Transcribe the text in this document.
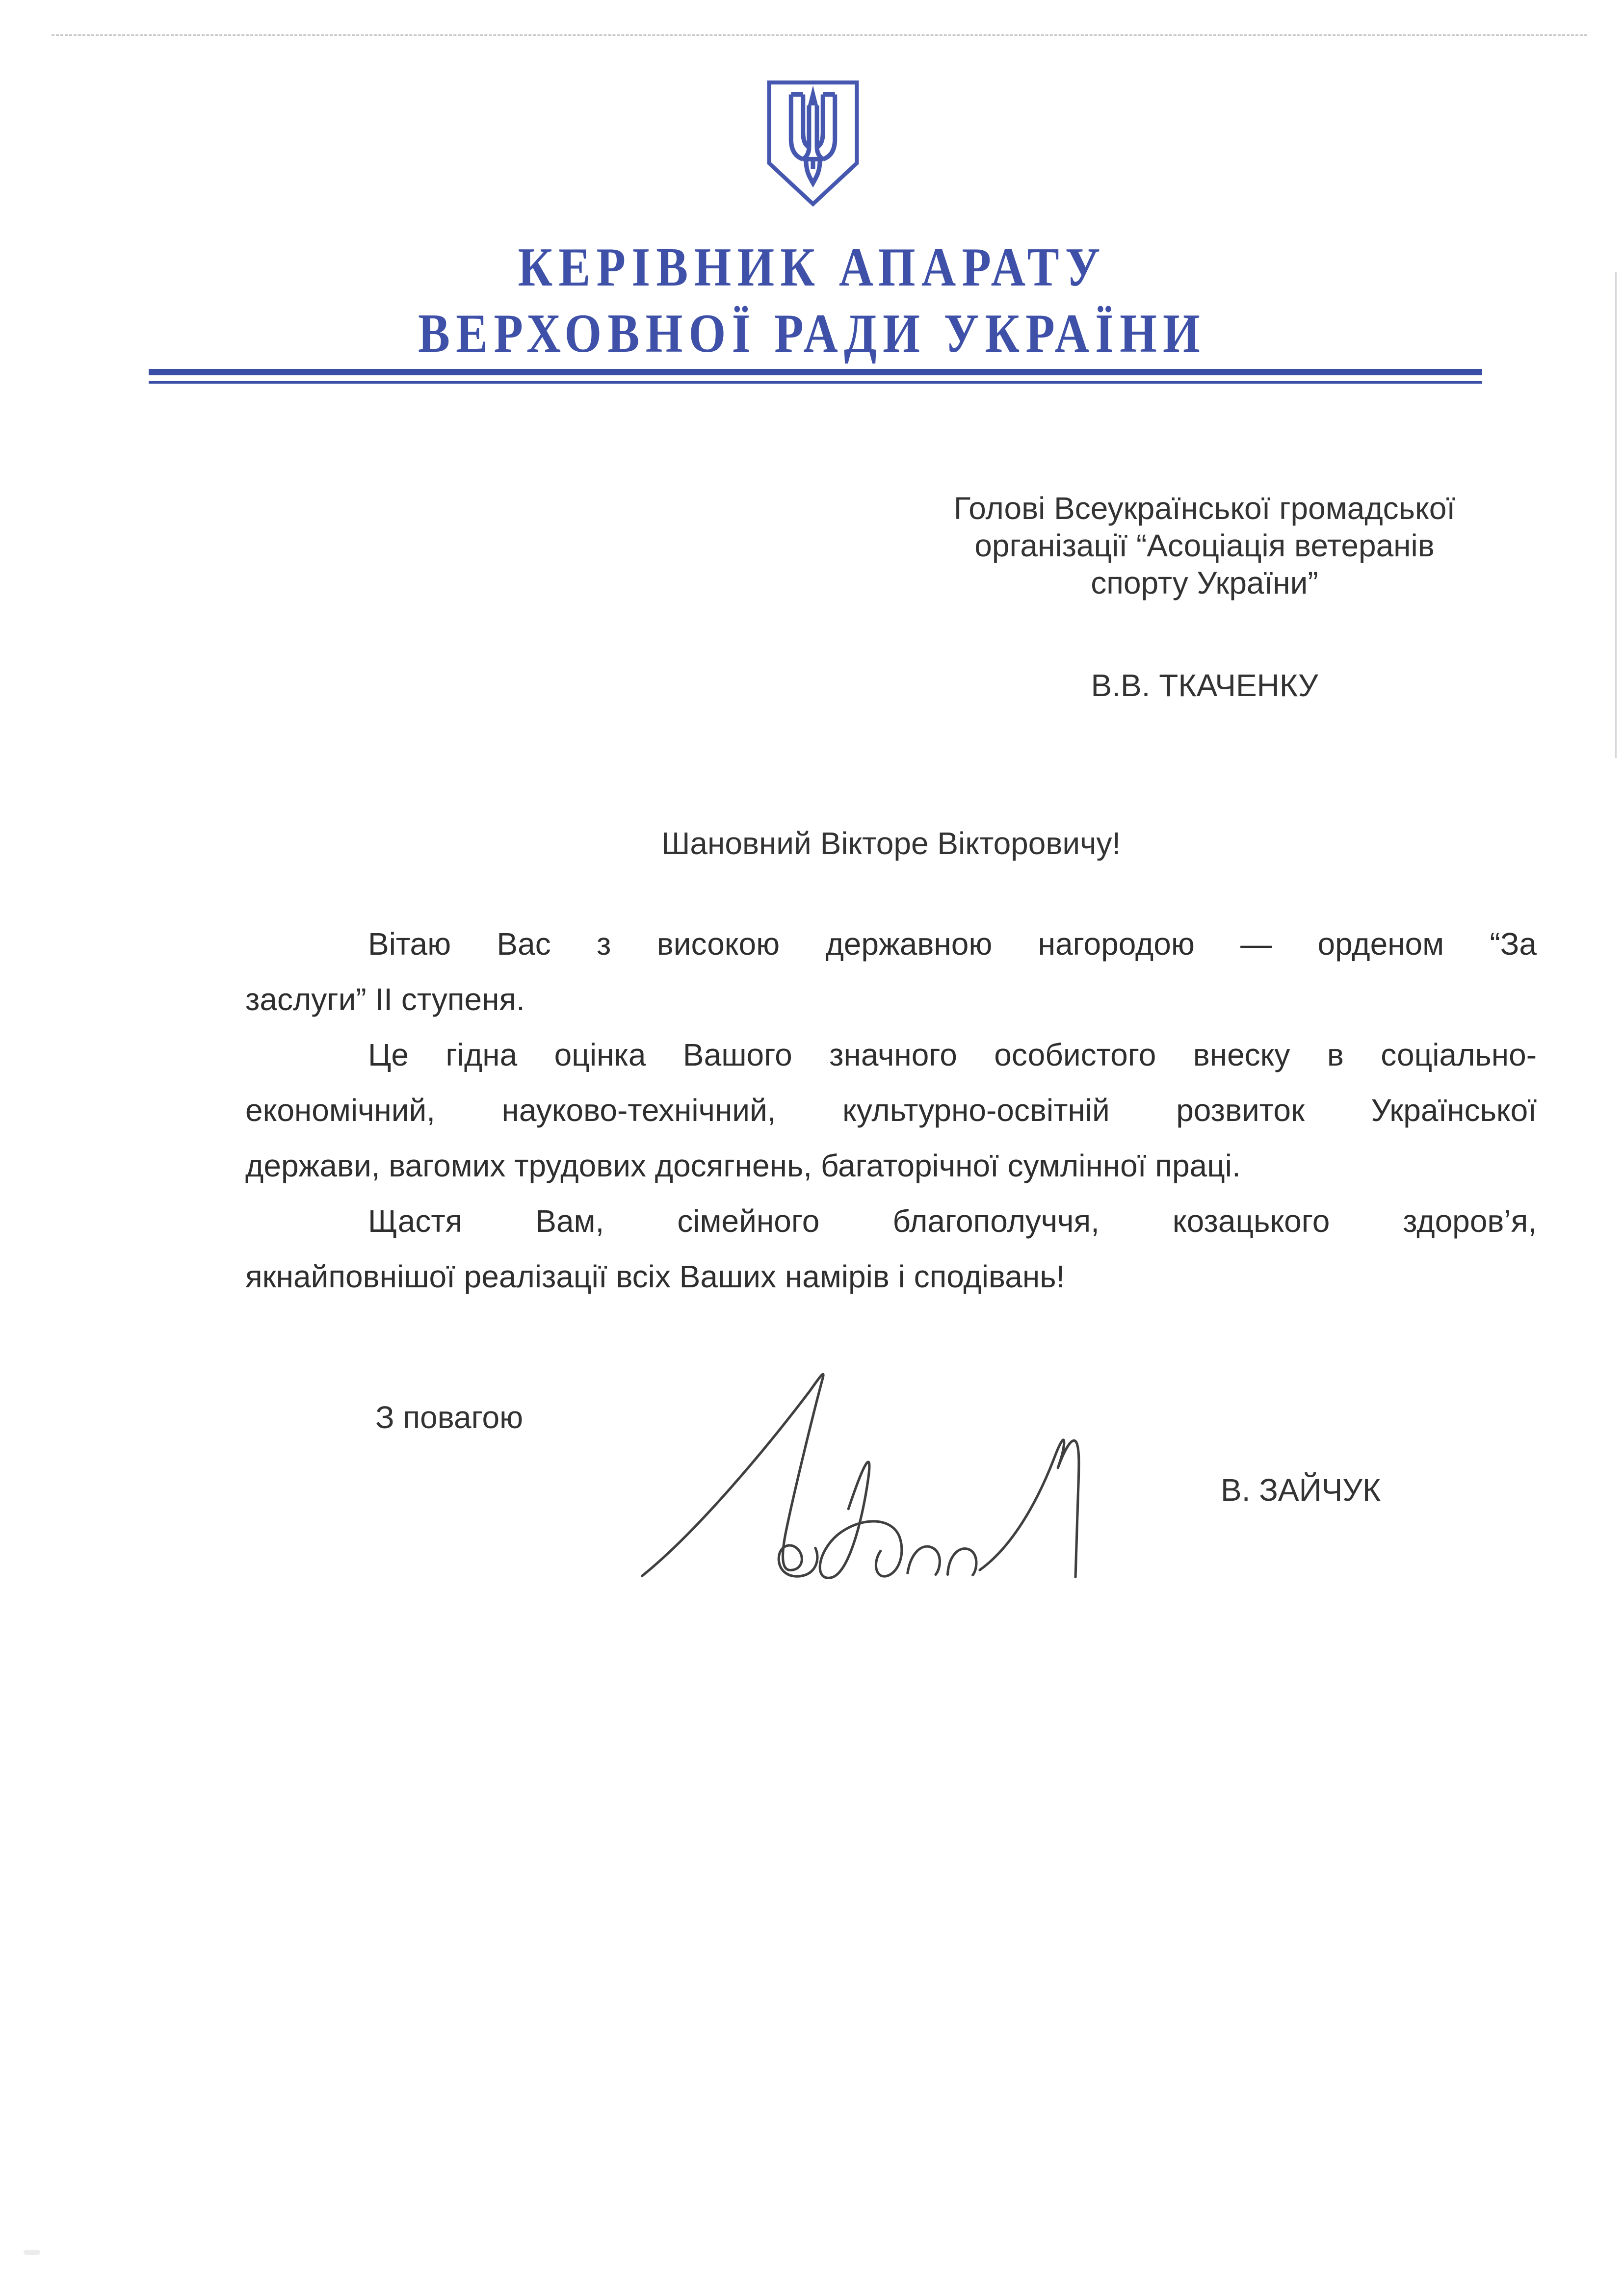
КЕРІВНИК АПАРАТУ
ВЕРХОВНОЇ РАДИ УКРАЇНИ
Голові Всеукраїнської громадської
організації “Асоціація ветеранів
спорту України”
В.В. ТКАЧЕНКУ
Шановний Вікторе Вікторовичу!
Вітаю Вас з високою державною нагородою — орденом “За
заслуги” ІІ ступеня.
Це гідна оцінка Вашого значного особистого внеску в соціально-
економічний, науково-технічний, культурно-освітній розвиток Української
держави, вагомих трудових досягнень, багаторічної сумлінної праці.
Щастя Вам, сімейного благополуччя, козацького здоров’я,
якнайповнішої реалізації всіх Ваших намірів і сподівань!
З повагою
В. ЗАЙЧУК
